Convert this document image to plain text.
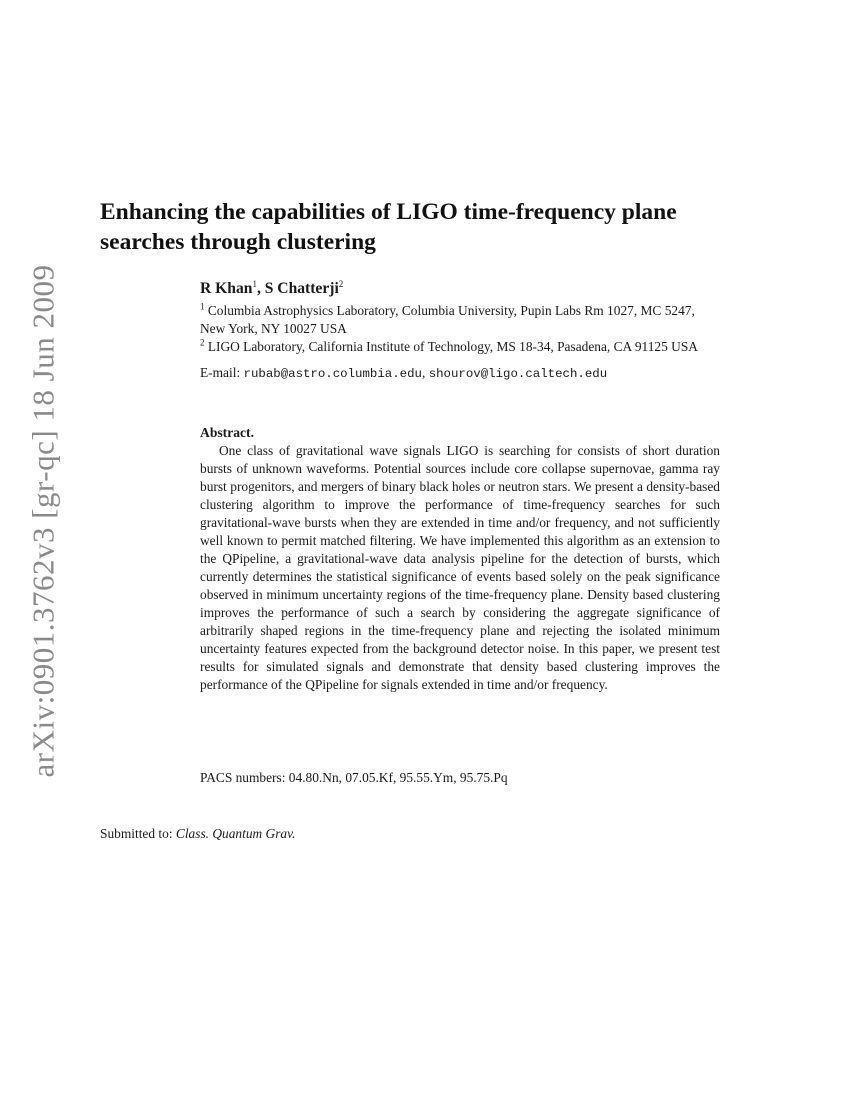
arXiv:0901.3762v3 [gr-qc] 18 Jun 2009
Enhancing the capabilities of LIGO time-frequency plane searches through clustering

R Khan$^1$, S Chatterji$^2$

$^1$ Columbia Astrophysics Laboratory, Columbia University, Pupin Labs Rm 1027, MC 5247, New York, NY 10027 USA

$^2$ LIGO Laboratory, California Institute of Technology, MS 18-34, Pasadena, CA 91125 USA

E-mail: rubab@astro.columbia.edu, shourov@ligo.caltech.edu

Abstract.

One class of gravitational wave signals LIGO is searching for consists of short duration bursts of unknown waveforms. Potential sources include core collapse supernovae, gamma ray burst progenitors, and mergers of binary black holes or neutron stars. We present a density-based clustering algorithm to improve the performance of time-frequency searches for such gravitational-wave bursts when they are extended in time and/or frequency, and not sufficiently well known to permit matched filtering. We have implemented this algorithm as an extension to the QPipeline, a gravitational-wave data analysis pipeline for the detection of bursts, which currently determines the statistical significance of events based solely on the peak significance observed in minimum uncertainty regions of the time-frequency plane. Density based clustering improves the performance of such a search by considering the aggregate significance of arbitrarily shaped regions in the time-frequency plane and rejecting the isolated minimum uncertainty features expected from the background detector noise. In this paper, we present test results for simulated signals and demonstrate that density based clustering improves the performance of the QPipeline for signals extended in time and/or frequency.

PACS numbers: 04.80.Nn, 07.05.Kf, 95.55.Ym, 95.75.Pq
Submitted to: Class. Quantum Grav.
